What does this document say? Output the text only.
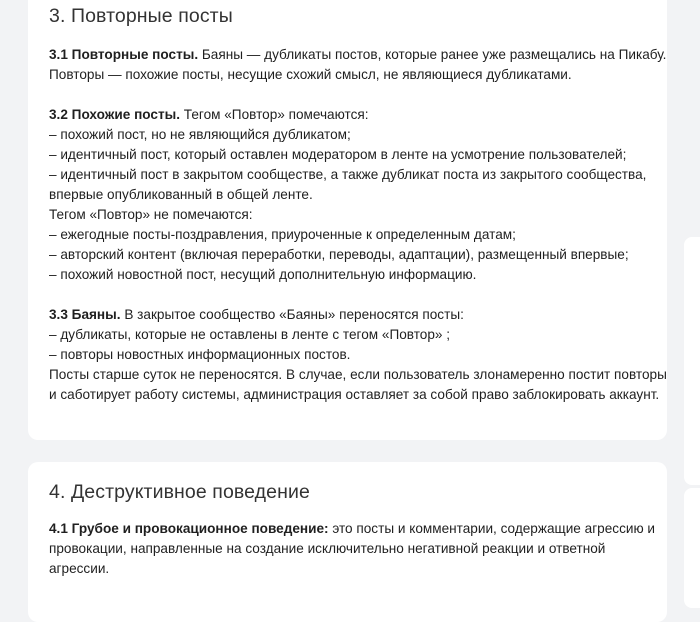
3. Повторные посты
3.1 Повторные посты. Баяны — дубликаты постов, которые ранее уже размещались на Пикабу.
Повторы — похожие посты, несущие схожий смысл, не являющиеся дубликатами.
3.2 Похожие посты. Тегом «Повтор» помечаются:
– похожий пост, но не являющийся дубликатом;
– идентичный пост, который оставлен модератором в ленте на усмотрение пользователей;
– идентичный пост в закрытом сообществе, а также дубликат поста из закрытого сообщества,
впервые опубликованный в общей ленте.
Тегом «Повтор» не помечаются:
– ежегодные посты-поздравления, приуроченные к определенным датам;
– авторский контент (включая переработки, переводы, адаптации), размещенный впервые;
– похожий новостной пост, несущий дополнительную информацию.
3.3 Баяны. В закрытое сообщество «Баяны» переносятся посты:
– дубликаты, которые не оставлены в ленте с тегом «Повтор» ;
– повторы новостных информационных постов.
Посты старше суток не переносятся. В случае, если пользователь злонамеренно постит повторы
и саботирует работу системы, администрация оставляет за собой право заблокировать аккаунт.
4. Деструктивное поведение
4.1 Грубое и провокационное поведение: это посты и комментарии, содержащие агрессию и
провокации, направленные на создание исключительно негативной реакции и ответной
агрессии.
